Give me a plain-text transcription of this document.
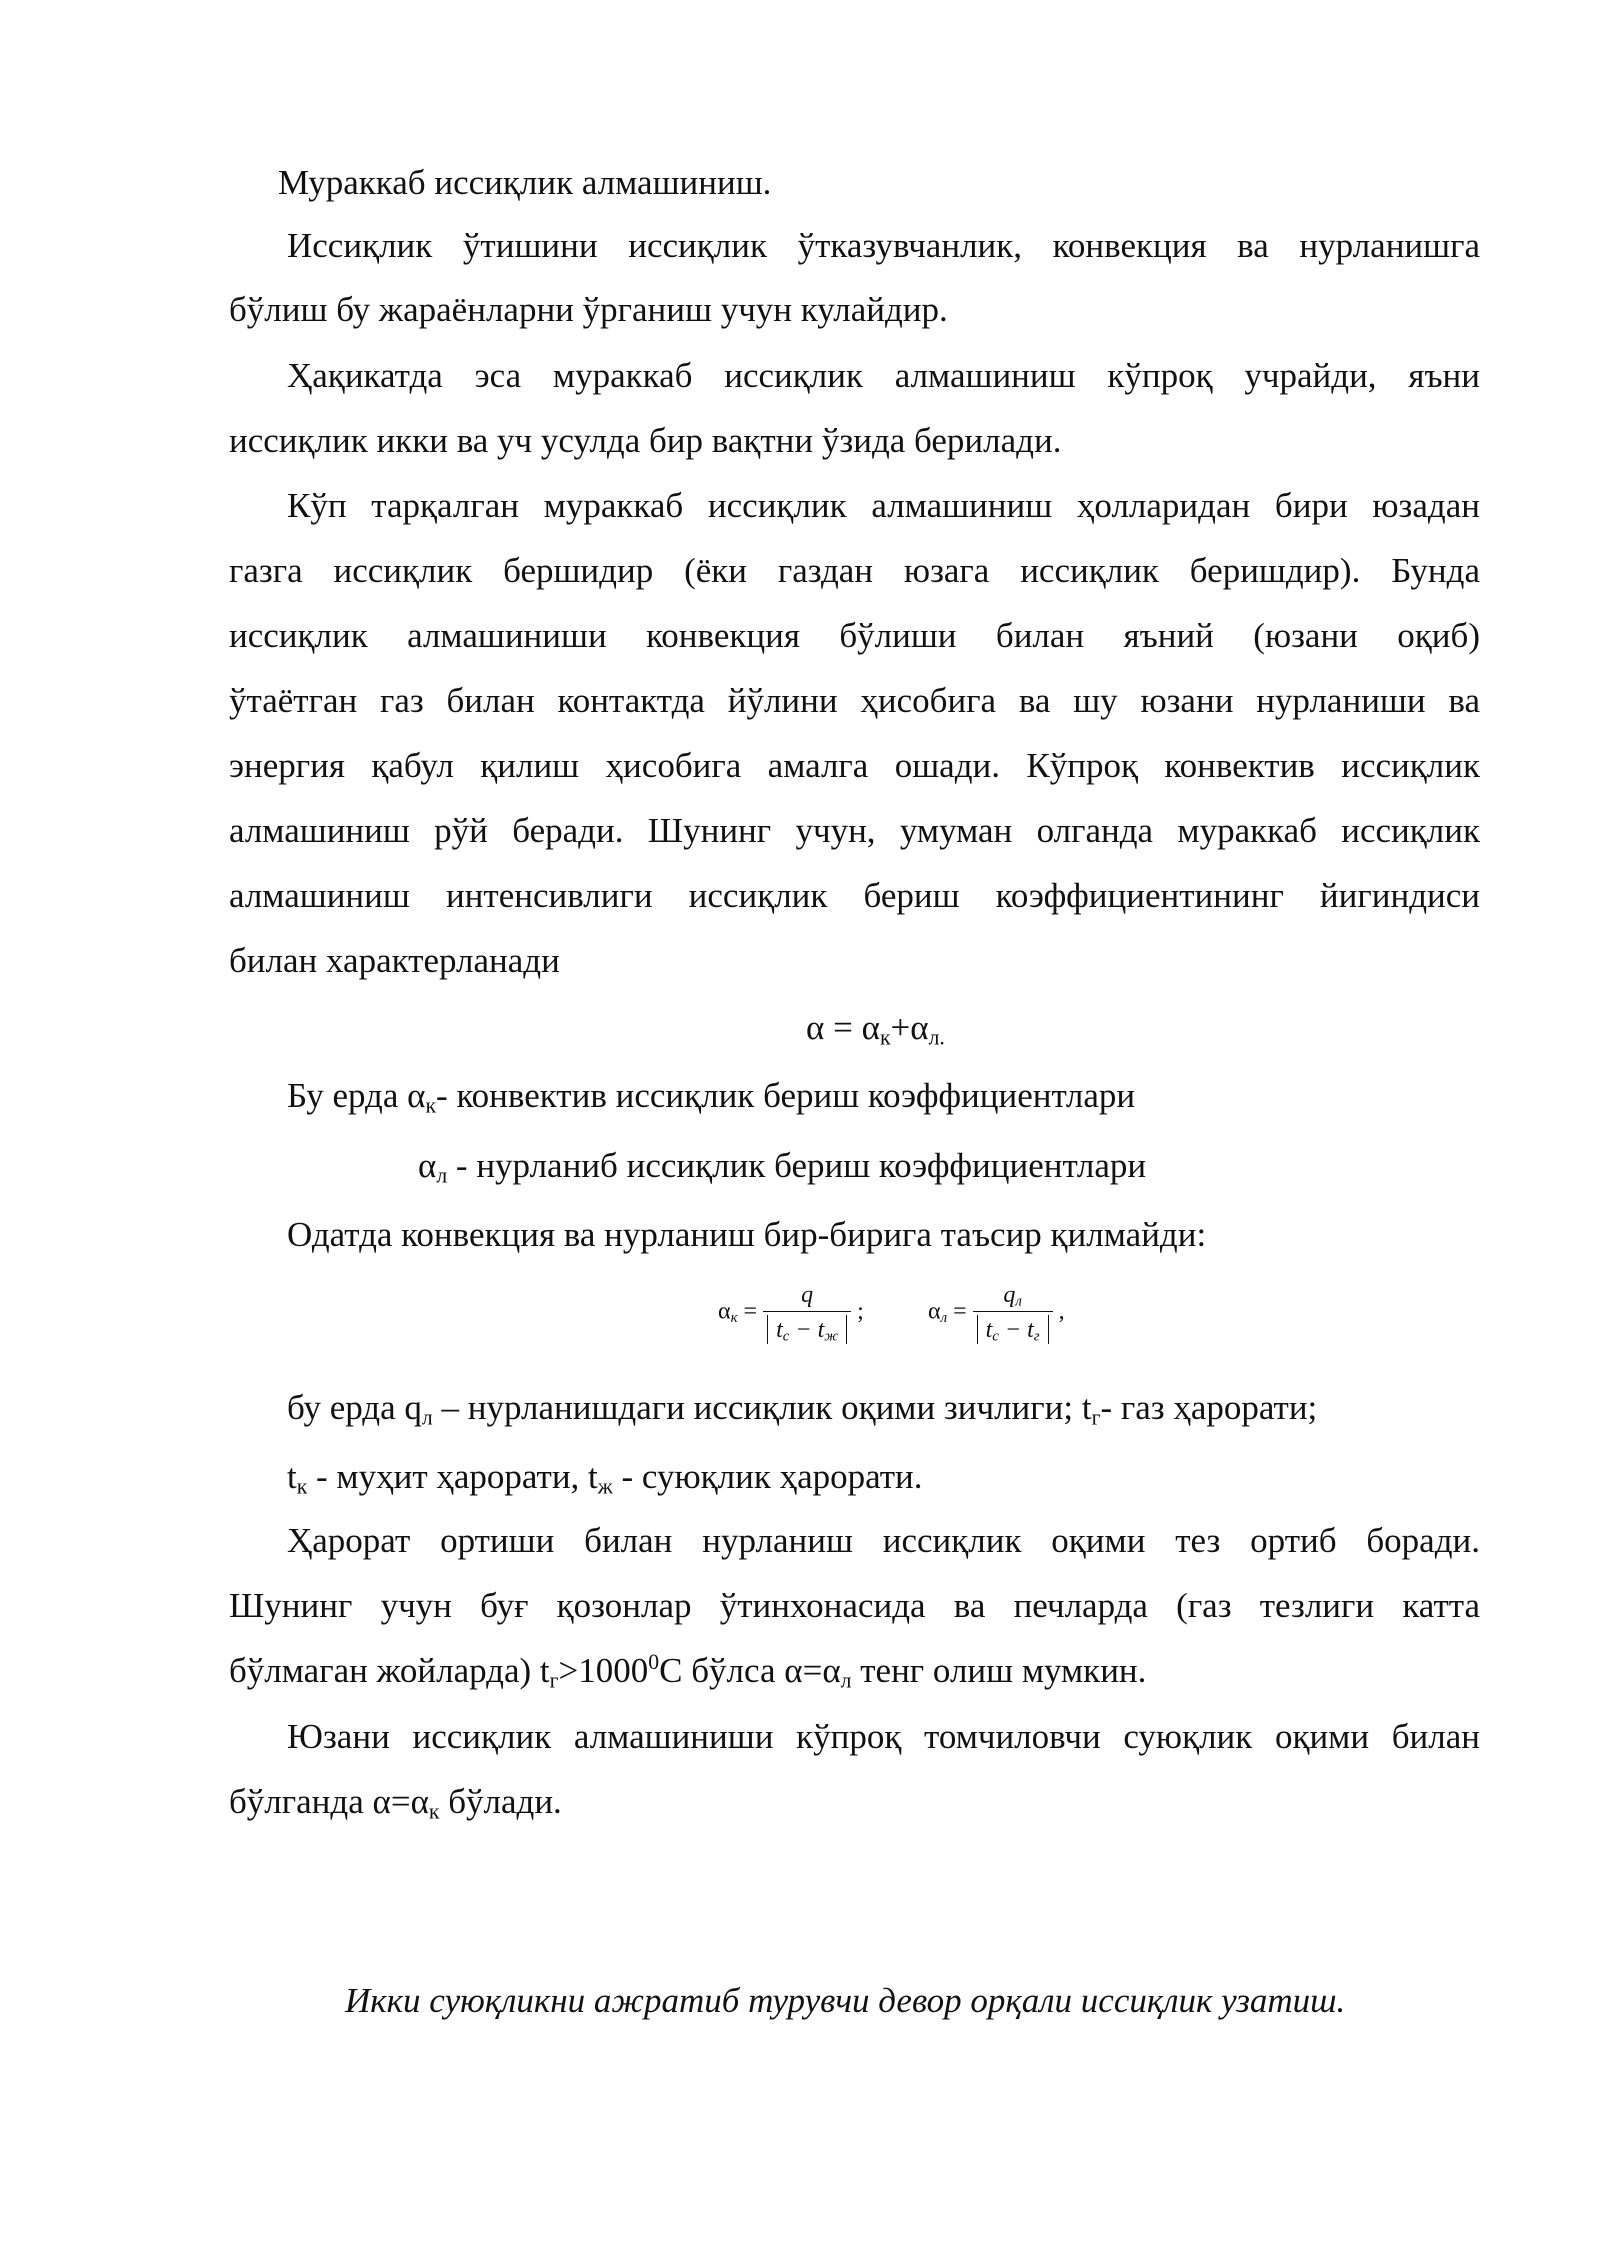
Мураккаб иссиқлик алмашиниш.

Иссиқлик ўтишини иссиқлик ўтказувчанлик, конвекция ва нурланишга

бўлиш бу жараёнларни ўрганиш учун кулайдир.

Ҳақикатда эса мураккаб иссиқлик алмашиниш кўпроқ учрайди, яъни

иссиқлик икки ва уч усулда бир вақтни ўзида берилади.

Кўп тарқалган мураккаб иссиқлик алмашиниш ҳолларидан бири юзадан

газга иссиқлик бершидир (ёки газдан юзага иссиқлик беришдир). Бунда

иссиқлик алмашиниши конвекция бўлиши билан яъний (юзани оқиб)

ўтаётган газ билан контактда йўлини ҳисобига ва шу юзани нурланиши ва

энергия қабул қилиш ҳисобига амалга ошади. Кўпроқ конвектив иссиқлик

алмашиниш рўй беради. Шунинг учун, умуман олганда мураккаб иссиқлик

алмашиниш интенсивлиги иссиқлик бериш коэффициентининг йигиндиси

билан характерланади

$\alpha = \alpha_к+\alpha_{л.}$

Бу ерда $\alpha_к-$ конвектив иссиқлик бериш коэффициентлари

$\alpha_л$ - нурланиб иссиқлик бериш коэффициентлари

Одатда конвекция ва нурланиш бир-бирига таъсир қилмайди:

$\alpha_к = \frac{q}{t_с - t_ж}$ ;	$\alpha_л = \frac{q_л}{t_с - t_г}$ ,

бу ерда $q_л$ – нурланишдаги иссиқлик оқими зичлиги; $t_г-$ газ ҳарорати;

$t_к$ - муҳит ҳарорати, $t_ж$ - суюқлик ҳарорати.

Ҳарорат ортиши билан нурланиш иссиқлик оқими тез ортиб боради.

Шунинг учун буғ қозонлар ўтинхонасида ва печларда (газ тезлиги катта

бўлмаган жойларда) $t_г>1000^0С$ бўлса $\alpha=\alpha_л$ тенг олиш мумкин.

Юзани иссиқлик алмашиниши кўпроқ томчиловчи суюқлик оқими билан

бўлганда $\alpha=\alpha_к$ бўлади.

Икки суюқликни ажратиб турувчи девор орқали иссиқлик узатиш.
